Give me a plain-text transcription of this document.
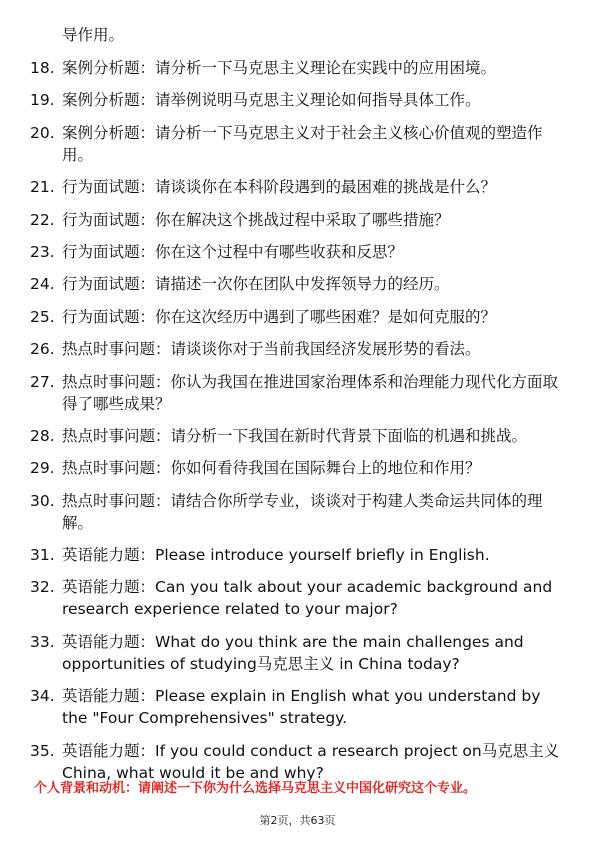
导作用。

18. 案例分析题：请分析一下马克思主义理论在实践中的应用困境。
19. 案例分析题：请举例说明马克思主义理论如何指导具体工作。
20. 案例分析题：请分析一下马克思主义对于社会主义核心价值观的塑造作用。
21. 行为面试题：请谈谈你在本科阶段遇到的最困难的挑战是什么？
22. 行为面试题：你在解决这个挑战过程中采取了哪些措施？
23. 行为面试题：你在这个过程中有哪些收获和反思？
24. 行为面试题：请描述一次你在团队中发挥领导力的经历。
25. 行为面试题：你在这次经历中遇到了哪些困难？是如何克服的？
26. 热点时事问题：请谈谈你对于当前我国经济发展形势的看法。
27. 热点时事问题：你认为我国在推进国家治理体系和治理能力现代化方面取得了哪些成果？
28. 热点时事问题：请分析一下我国在新时代背景下面临的机遇和挑战。
29. 热点时事问题：你如何看待我国在国际舞台上的地位和作用？
30. 热点时事问题：请结合你所学专业，谈谈对于构建人类命运共同体的理解。
31. 英语能力题：Please introduce yourself briefly in English.
32. 英语能力题：Can you talk about your academic background and research experience related to your major?
33. 英语能力题：What do you think are the main challenges and opportunities of studying马克思主义 in China today?
34. 英语能力题：Please explain in English what you understand by the "Four Comprehensives" strategy.
35. 英语能力题：If you could conduct a research project on马克思主义 China, what would it be and why?

个人背景和动机：请阐述一下你为什么选择马克思主义中国化研究这个专业。

第2页，共63页
